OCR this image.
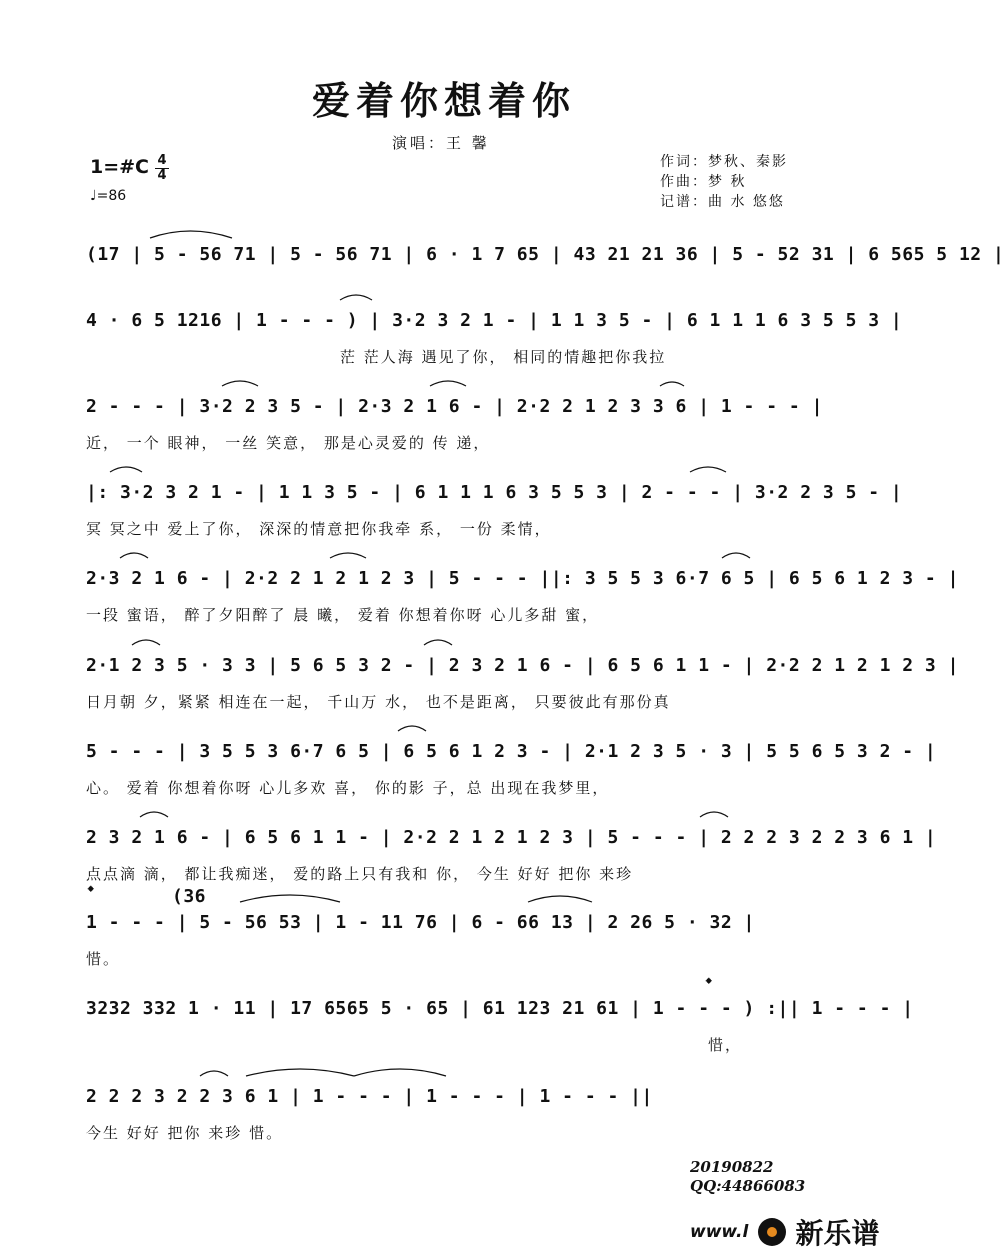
爱着你想着你
演唱：王 馨
1=#C 4
4
♩=86
作词：梦秋、秦影
作曲：梦 秋
记谱：曲 水 悠悠
(17 | 5 - 56 71 | 5 - 56 71 | 6 · 1 7 65 | 43 21 21 36 | 5 - 52 31 | 6 565 5 12 |
4 · 6 5 1216 | 1 - - - ) | 3·2 3 2 1 - | 1 1 3 5 - | 6 1 1 1 6 3 5 5 3 |
茫 茫人海 遇见了你， 相同的情趣把你我拉
2 - - - | 3·2 2 3 5 - | 2·3 2 1 6 - | 2·2 2 1 2 3 3 6 | 1 - - - |
近， 一个 眼神， 一丝 笑意， 那是心灵爱的 传 递，
|: 3·2 3 2 1 - | 1 1 3 5 - | 6 1 1 1 6 3 5 5 3 | 2 - - - | 3·2 2 3 5 - |
冥 冥之中 爱上了你， 深深的情意把你我牵 系， 一份 柔情，
2·3 2 1 6 - | 2·2 2 1 2 1 2 3 | 5 - - - ||: 3 5 5 3 6·7 6 5 | 6 5 6 1 2 3 - |
一段 蜜语， 醉了夕阳醉了 晨 曦， 爱着 你想着你呀 心儿多甜 蜜，
2·1 2 3 5 · 3 3 | 5 6 5 3 2 - | 2 3 2 1 6 - | 6 5 6 1 1 - | 2·2 2 1 2 1 2 3 |
日月朝 夕，紧紧 相连在一起， 千山万 水， 也不是距离， 只要彼此有那份真
5 - - - | 3 5 5 3 6·7 6 5 | 6 5 6 1 2 3 - | 2·1 2 3 5 · 3 | 5 5 6 5 3 2 - |
心。 爱着 你想着你呀 心儿多欢 喜， 你的影 子，总 出现在我梦里，
2 3 2 1 6 - | 6 5 6 1 1 - | 2·2 2 1 2 1 2 3 | 5 - - - | 2 2 2 3 2 2 3 6 1 |
点点滴 滴， 都让我痴迷， 爱的路上只有我和 你， 今生 好好 把你 来珍
𝄌	(36
1 - - - | 5 - 56 53 | 1 - 11 76 | 6 - 66 13 | 2 26 5 · 32 |
惜。
𝄌
3232 332 1 · 11 | 17 6565 5 · 65 | 61 123 21 61 | 1 - - - ) :|| 1 - - - |
惜，
2 2 2 3 2 2 3 6 1 | 1 - - - | 1 - - - | 1 - - - ||
今生 好好 把你 来珍 惜。
20190822
QQ:44866083
www.l 新乐谱
